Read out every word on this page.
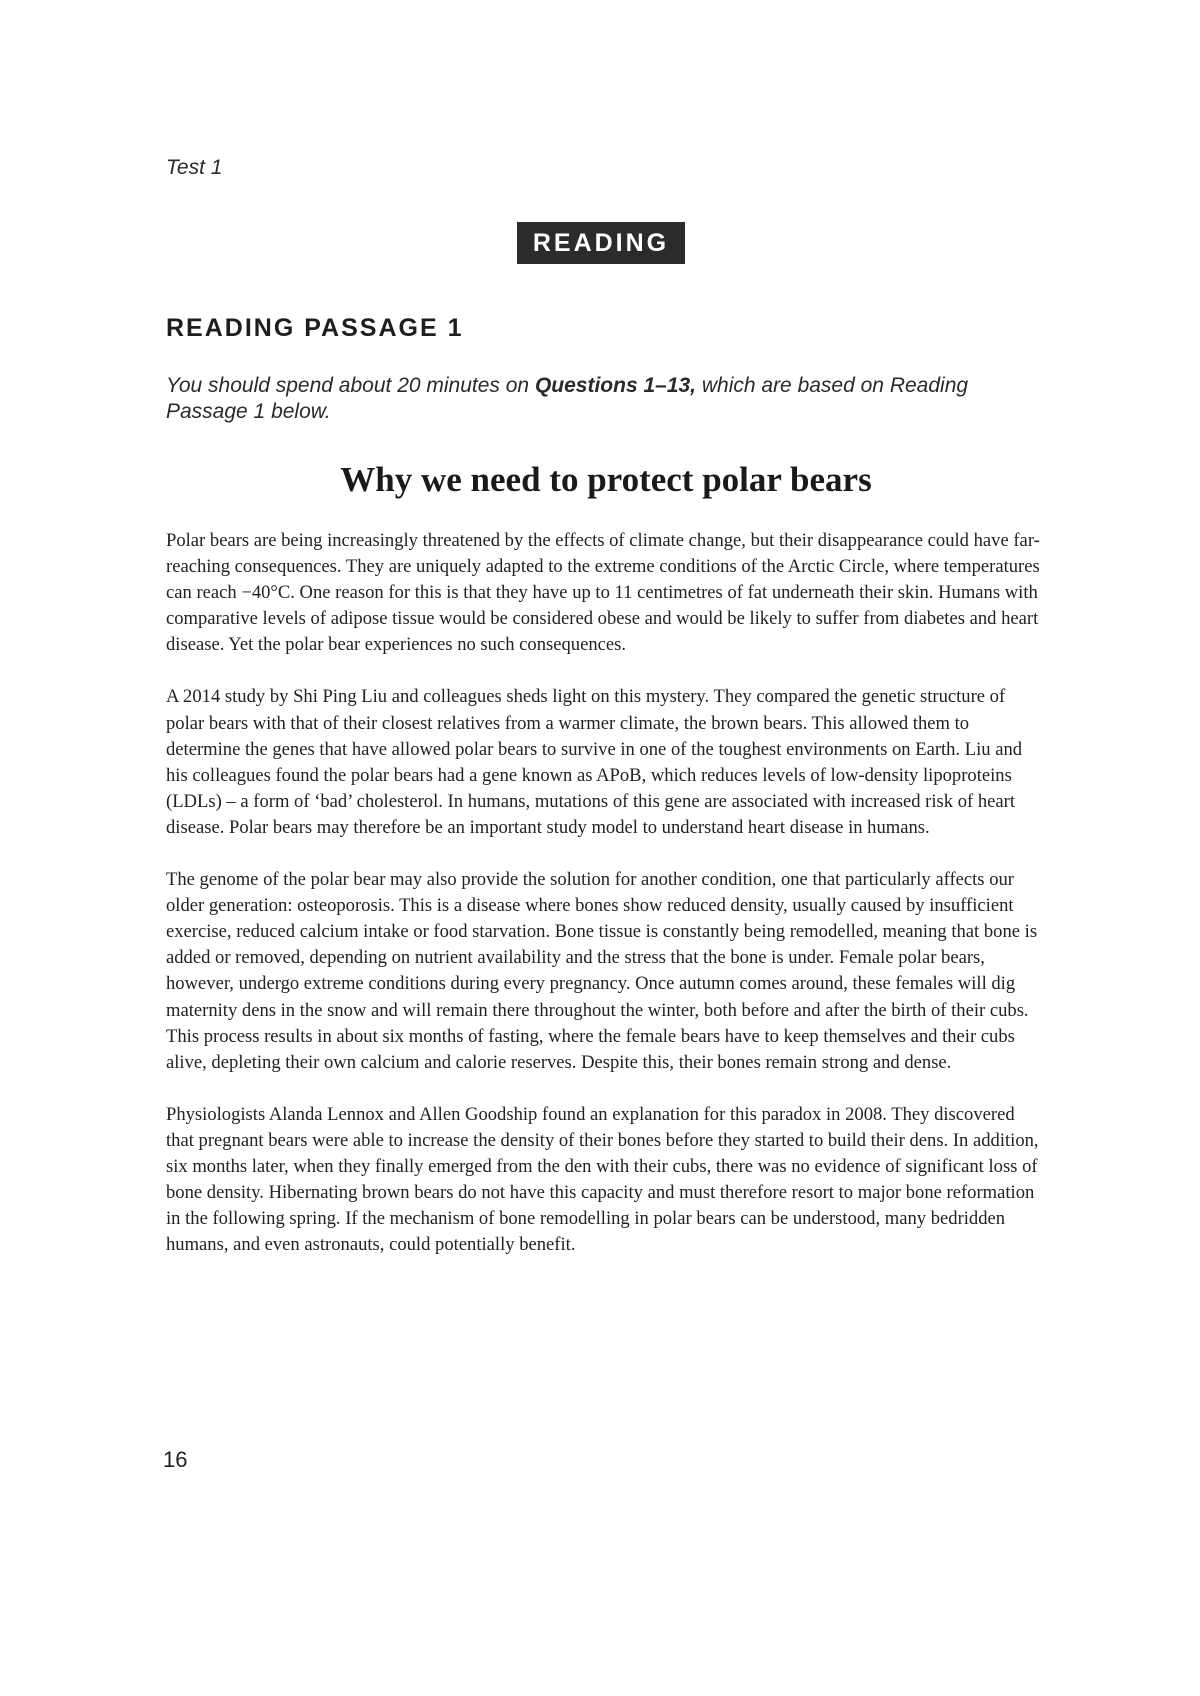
Test 1
READING
READING PASSAGE 1
You should spend about 20 minutes on Questions 1–13, which are based on Reading Passage 1 below.
Why we need to protect polar bears

Polar bears are being increasingly threatened by the effects of climate change, but their disappearance could have far-reaching consequences. They are uniquely adapted to the extreme conditions of the Arctic Circle, where temperatures can reach −40°C. One reason for this is that they have up to 11 centimetres of fat underneath their skin. Humans with comparative levels of adipose tissue would be considered obese and would be likely to suffer from diabetes and heart disease. Yet the polar bear experiences no such consequences.

A 2014 study by Shi Ping Liu and colleagues sheds light on this mystery. They compared the genetic structure of polar bears with that of their closest relatives from a warmer climate, the brown bears. This allowed them to determine the genes that have allowed polar bears to survive in one of the toughest environments on Earth. Liu and his colleagues found the polar bears had a gene known as APoB, which reduces levels of low-density lipoproteins (LDLs) – a form of ‘bad’ cholesterol. In humans, mutations of this gene are associated with increased risk of heart disease. Polar bears may therefore be an important study model to understand heart disease in humans.

The genome of the polar bear may also provide the solution for another condition, one that particularly affects our older generation: osteoporosis. This is a disease where bones show reduced density, usually caused by insufficient exercise, reduced calcium intake or food starvation. Bone tissue is constantly being remodelled, meaning that bone is added or removed, depending on nutrient availability and the stress that the bone is under. Female polar bears, however, undergo extreme conditions during every pregnancy. Once autumn comes around, these females will dig maternity dens in the snow and will remain there throughout the winter, both before and after the birth of their cubs. This process results in about six months of fasting, where the female bears have to keep themselves and their cubs alive, depleting their own calcium and calorie reserves. Despite this, their bones remain strong and dense.

Physiologists Alanda Lennox and Allen Goodship found an explanation for this paradox in 2008. They discovered that pregnant bears were able to increase the density of their bones before they started to build their dens. In addition, six months later, when they finally emerged from the den with their cubs, there was no evidence of significant loss of bone density. Hibernating brown bears do not have this capacity and must therefore resort to major bone reformation in the following spring. If the mechanism of bone remodelling in polar bears can be understood, many bedridden humans, and even astronauts, could potentially benefit.

16
